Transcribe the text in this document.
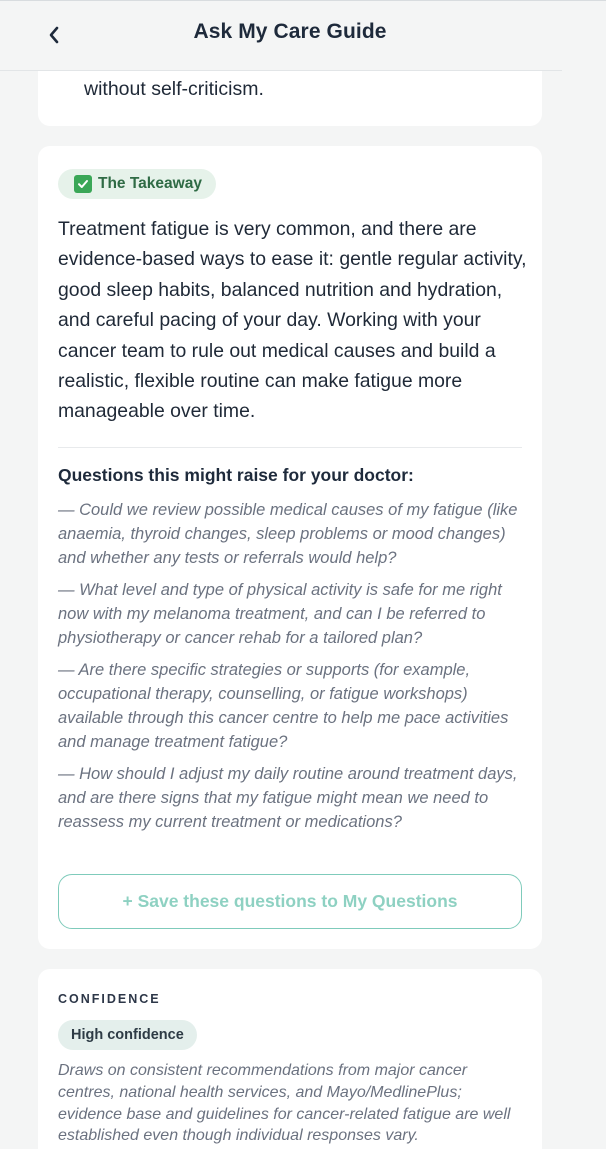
Ask My Care Guide
without self-criticism.
The Takeaway
Treatment fatigue is very common, and there are evidence-based ways to ease it: gentle regular activity, good sleep habits, balanced nutrition and hydration, and careful pacing of your day. Working with your cancer team to rule out medical causes and build a realistic, flexible routine can make fatigue more manageable over time.
Questions this might raise for your doctor:
— Could we review possible medical causes of my fatigue (like anaemia, thyroid changes, sleep problems or mood changes) and whether any tests or referrals would help?
— What level and type of physical activity is safe for me right now with my melanoma treatment, and can I be referred to physiotherapy or cancer rehab for a tailored plan?
— Are there specific strategies or supports (for example, occupational therapy, counselling, or fatigue workshops) available through this cancer centre to help me pace activities and manage treatment fatigue?
— How should I adjust my daily routine around treatment days, and are there signs that my fatigue might mean we need to reassess my current treatment or medications?
+ Save these questions to My Questions
CONFIDENCE
High confidence
Draws on consistent recommendations from major cancer centres, national health services, and Mayo/MedlinePlus; evidence base and guidelines for cancer-related fatigue are well established even though individual responses vary.
